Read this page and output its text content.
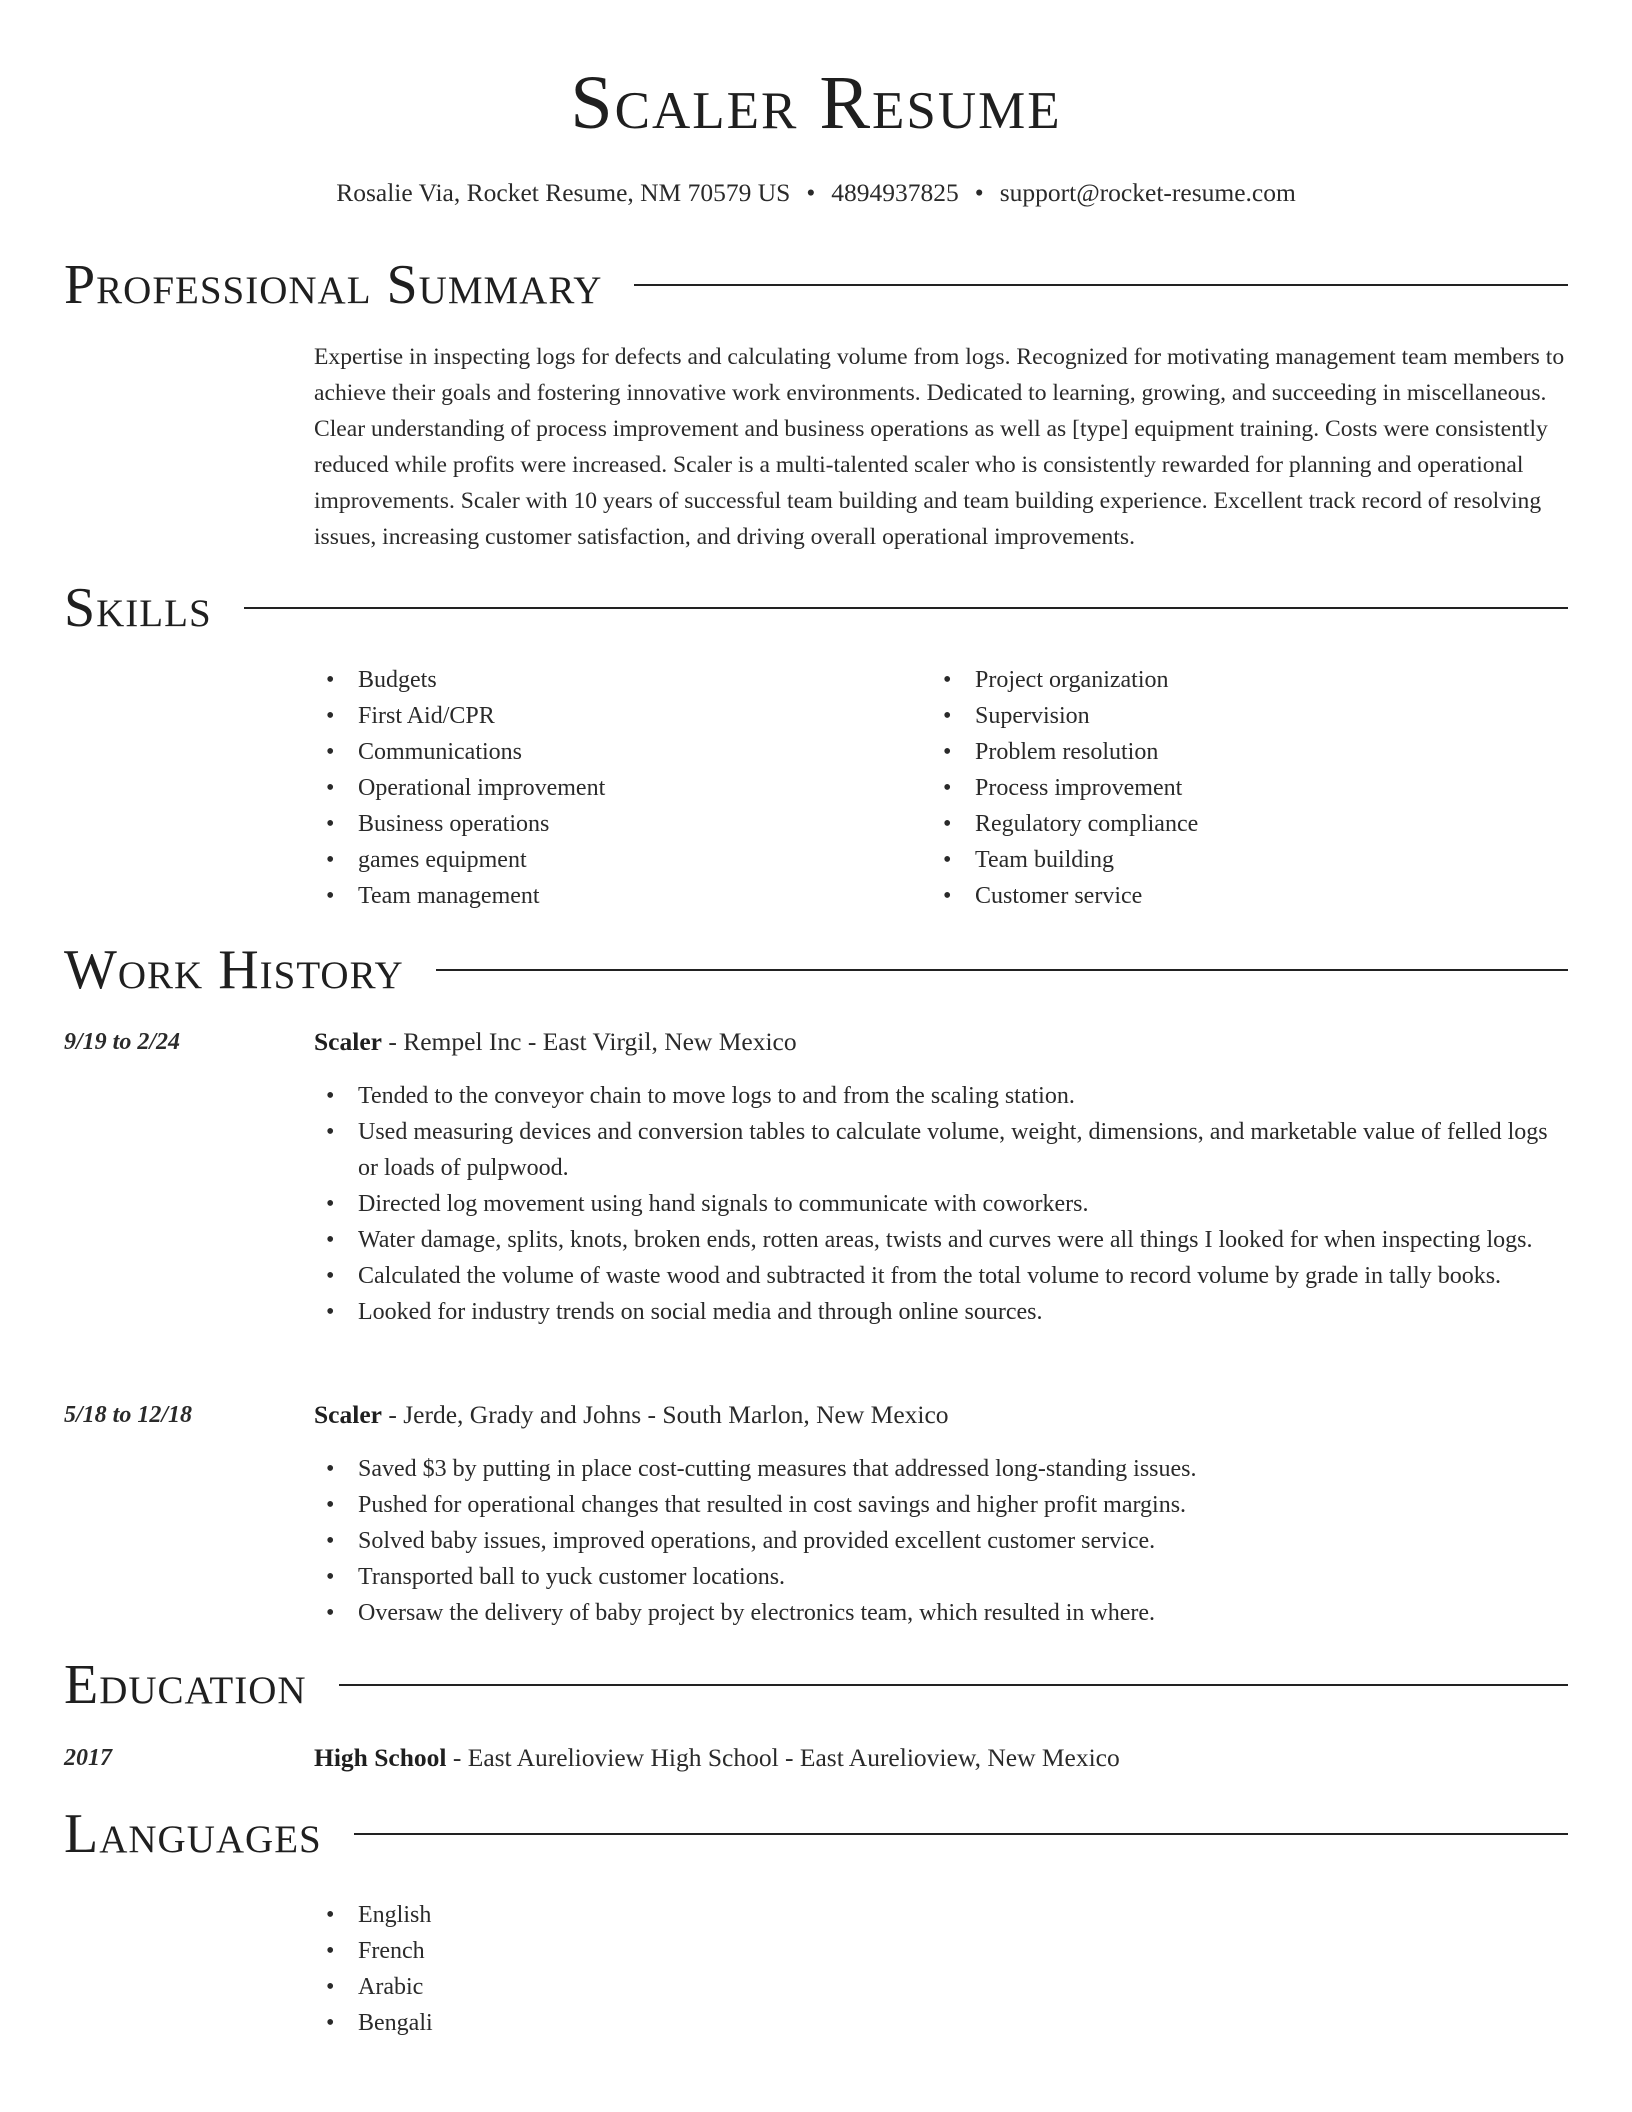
Scaler Resume
Rosalie Via, Rocket Resume, NM 70579 US • 4894937825 • support@rocket-resume.com
Professional Summary
Expertise in inspecting logs for defects and calculating volume from logs. Recognized for motivating management team members to achieve their goals and fostering innovative work environments. Dedicated to learning, growing, and succeeding in miscellaneous. Clear understanding of process improvement and business operations as well as [type] equipment training. Costs were consistently reduced while profits were increased. Scaler is a multi-talented scaler who is consistently rewarded for planning and operational improvements. Scaler with 10 years of successful team building and team building experience. Excellent track record of resolving issues, increasing customer satisfaction, and driving overall operational improvements.
Skills
• Budgets
• First Aid/CPR
• Communications
• Operational improvement
• Business operations
• games equipment
• Team management
• Project organization
• Supervision
• Problem resolution
• Process improvement
• Regulatory compliance
• Team building
• Customer service
Work History
9/19 to 2/24	Scaler - Rempel Inc - East Virgil, New Mexico
• Tended to the conveyor chain to move logs to and from the scaling station.
• Used measuring devices and conversion tables to calculate volume, weight, dimensions, and marketable value of felled logs or loads of pulpwood.
• Directed log movement using hand signals to communicate with coworkers.
• Water damage, splits, knots, broken ends, rotten areas, twists and curves were all things I looked for when inspecting logs.
• Calculated the volume of waste wood and subtracted it from the total volume to record volume by grade in tally books.
• Looked for industry trends on social media and through online sources.
5/18 to 12/18	Scaler - Jerde, Grady and Johns - South Marlon, New Mexico
• Saved $3 by putting in place cost-cutting measures that addressed long-standing issues.
• Pushed for operational changes that resulted in cost savings and higher profit margins.
• Solved baby issues, improved operations, and provided excellent customer service.
• Transported ball to yuck customer locations.
• Oversaw the delivery of baby project by electronics team, which resulted in where.
Education
2017	High School - East Aurelioview High School - East Aurelioview, New Mexico
Languages
• English
• French
• Arabic
• Bengali
